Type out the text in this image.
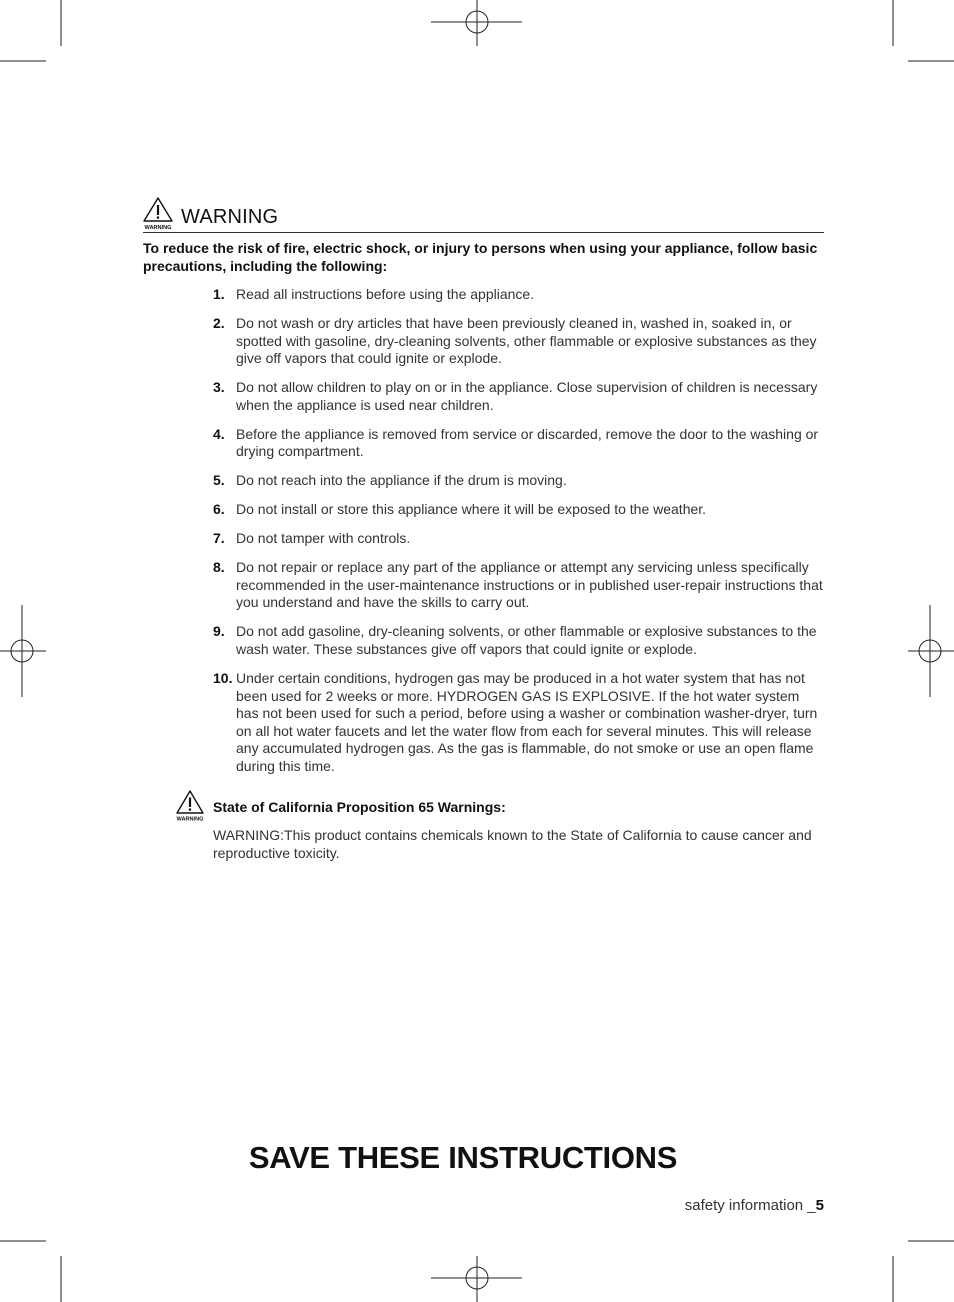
WARNING WARNING
To reduce the risk of fire, electric shock, or injury to persons when using your appliance, follow basic precautions, including the following:
1. Read all instructions before using the appliance.
2. Do not wash or dry articles that have been previously cleaned in, washed in, soaked in, or spotted with gasoline, dry-cleaning solvents, other flammable or explosive substances as they give off vapors that could ignite or explode.
3. Do not allow children to play on or in the appliance. Close supervision of children is necessary when the appliance is used near children.
4. Before the appliance is removed from service or discarded, remove the door to the washing or drying compartment.
5. Do not reach into the appliance if the drum is moving.
6. Do not install or store this appliance where it will be exposed to the weather.
7. Do not tamper with controls.
8. Do not repair or replace any part of the appliance or attempt any servicing unless specifically recommended in the user-maintenance instructions or in published user-repair instructions that you understand and have the skills to carry out.
9. Do not add gasoline, dry-cleaning solvents, or other flammable or explosive substances to the wash water. These substances give off vapors that could ignite or explode.
10. Under certain conditions, hydrogen gas may be produced in a hot water system that has not been used for 2 weeks or more. HYDROGEN GAS IS EXPLOSIVE. If the hot water system has not been used for such a period, before using a washer or combination washer-dryer, turn on all hot water faucets and let the water flow from each for several minutes. This will release any accumulated hydrogen gas. As the gas is flammable, do not smoke or use an open flame during this time.
WARNING
State of California Proposition 65 Warnings:
WARNING:This product contains chemicals known to the State of California to cause cancer and reproductive toxicity.
SAVE THESE INSTRUCTIONS
safety information _5
